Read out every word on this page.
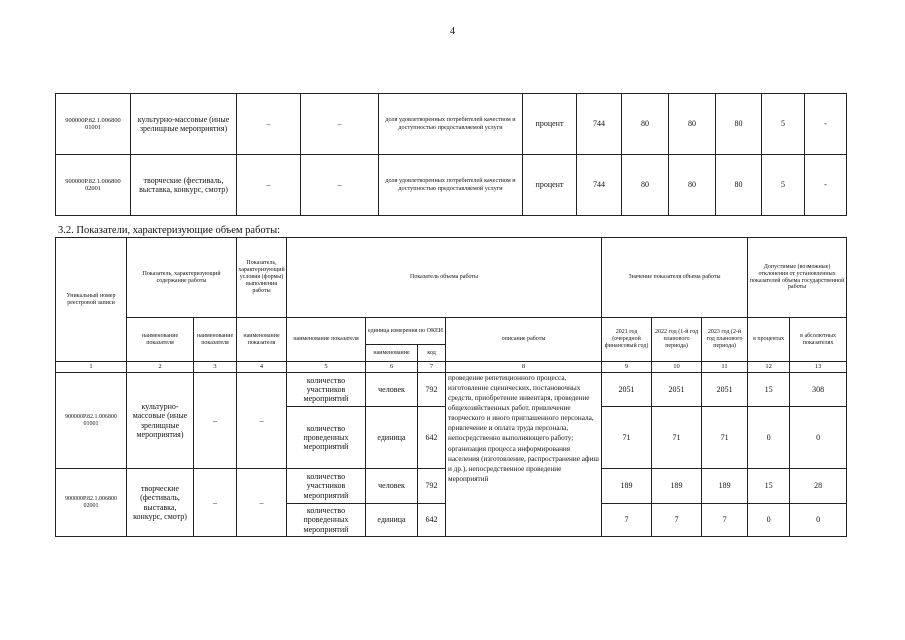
4
900000Р.82.1.006800 01001	культурно-массовые (иные зрелищные мероприятия)	–	–	доля удовлетворенных потребителей качеством и доступностью предоставляемой услуги	процент	744	80	80	80	5	-
900000Р.82.1.006800 02001	творческие (фестиваль, выставка, конкурс, смотр)	–	–	доля удовлетворенных потребителей качеством и доступностью предоставляемой услуги	процент	744	80	80	80	5	-
3.2. Показатели, характеризующие объем работы:
Уникальный номер реестровой записи	Показатель, характеризующий содержание работы		Показатель, характеризующий условия (формы) выполнения работы	Показатель объема работы				Значение показателя объема работы			Допустимые (возможные) отклонения от установленных показателей объема государственной работы	
	наименование показателя	наименование показателя	наименование показателя	наименование показателя	единица измерения по ОКЕИ		описание работы	2021 год (очередной финансовый год)	2022 год (1-й год планового периода)	2023 год (2-й год планового периода)	в процентах	в абсолютных показателях
					наименование	код						
1	2	3	4	5	6	7	8	9	10	11	12	13
900000Р.82.1.006800 01001	культурно-массовые (иные зрелищные мероприятия)	–	–	количество участников мероприятий	человек	792	проведение репетиционного процесса, изготовление сценических, постановочных средств, приобретение инвентаря, проведение общехозяйственных работ, привлечение творческого и иного приглашенного персонала, привлечение и оплата труда персонала, непосредственно выполняющего работу; организация процесса информирования населения (изготовление, распространение афиш и др.), непосредственное проведение мероприятий	2051	2051	2051	15	308
				количество проведенных мероприятий	единица	642		71	71	71	0	0
900000Р.82.1.006800 02001	творческие (фестиваль, выставка, конкурс, смотр)	–	–	количество участников мероприятий	человек	792		189	189	189	15	28
				количество проведенных мероприятий	единица	642		7	7	7	0	0
